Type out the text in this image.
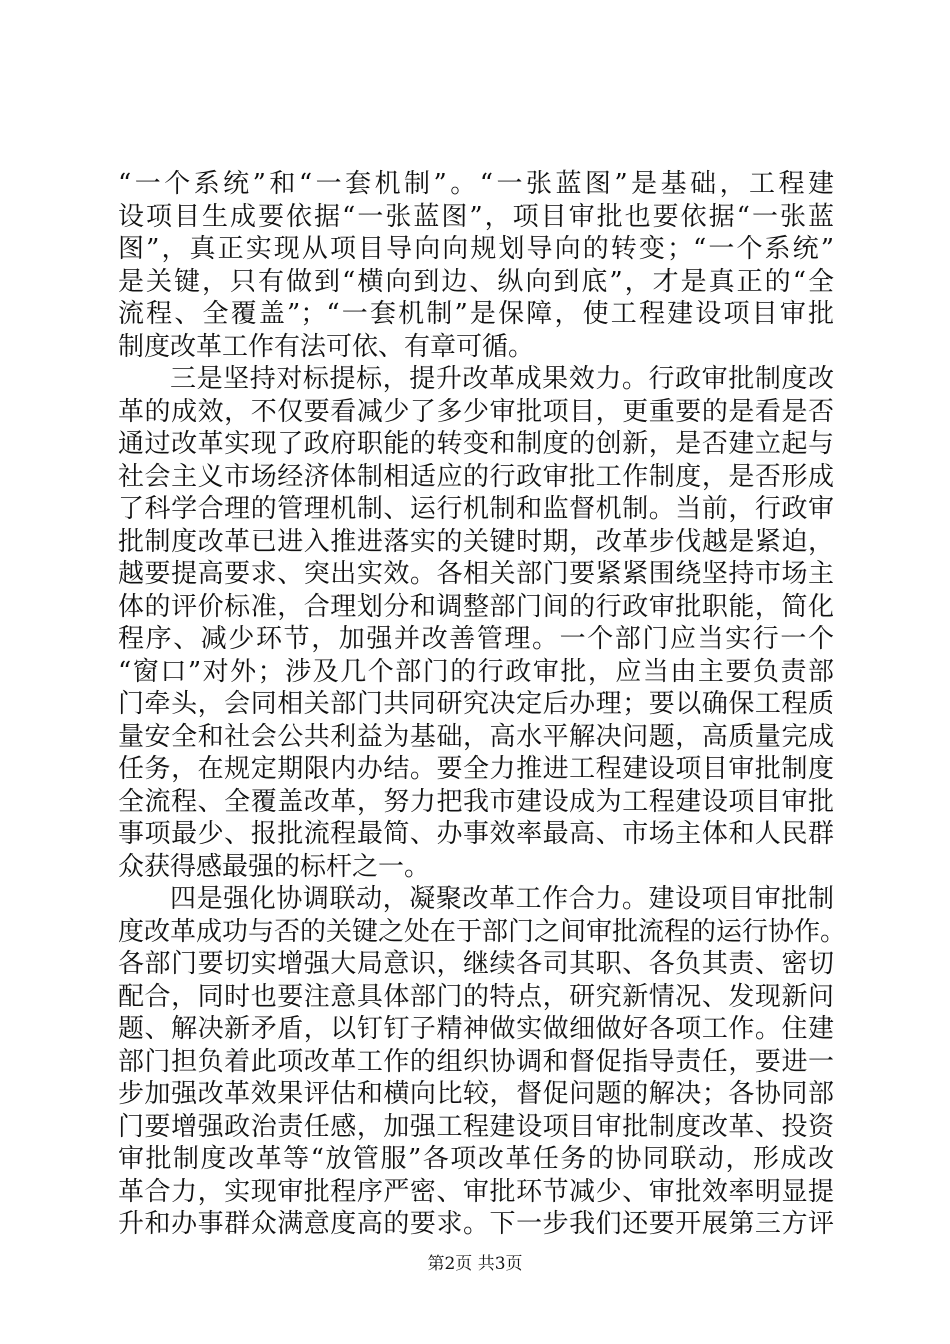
“一个系统”和“一套机制”。“一张蓝图”是基础，工程建
设项目生成要依据“一张蓝图”，项目审批也要依据“一张蓝
图”，真正实现从项目导向向规划导向的转变；“一个系统”
是关键，只有做到“横向到边、纵向到底”，才是真正的“全
流程、全覆盖”；“一套机制”是保障，使工程建设项目审批
制度改革工作有法可依、有章可循。
三是坚持对标提标，提升改革成果效力。行政审批制度改
革的成效，不仅要看减少了多少审批项目，更重要的是看是否
通过改革实现了政府职能的转变和制度的创新，是否建立起与
社会主义市场经济体制相适应的行政审批工作制度，是否形成
了科学合理的管理机制、运行机制和监督机制。当前，行政审
批制度改革已进入推进落实的关键时期，改革步伐越是紧迫，
越要提高要求、突出实效。各相关部门要紧紧围绕坚持市场主
体的评价标准，合理划分和调整部门间的行政审批职能，简化
程序、减少环节，加强并改善管理。一个部门应当实行一个
“窗口”对外；涉及几个部门的行政审批，应当由主要负责部
门牵头，会同相关部门共同研究决定后办理；要以确保工程质
量安全和社会公共利益为基础，高水平解决问题，高质量完成
任务，在规定期限内办结。要全力推进工程建设项目审批制度
全流程、全覆盖改革，努力把我市建设成为工程建设项目审批
事项最少、报批流程最简、办事效率最高、市场主体和人民群
众获得感最强的标杆之一。
四是强化协调联动，凝聚改革工作合力。建设项目审批制
度改革成功与否的关键之处在于部门之间审批流程的运行协作。
各部门要切实增强大局意识，继续各司其职、各负其责、密切
配合，同时也要注意具体部门的特点，研究新情况、发现新问
题、解决新矛盾，以钉钉子精神做实做细做好各项工作。住建
部门担负着此项改革工作的组织协调和督促指导责任，要进一
步加强改革效果评估和横向比较，督促问题的解决；各协同部
门要增强政治责任感，加强工程建设项目审批制度改革、投资
审批制度改革等“放管服”各项改革任务的协同联动，形成改
革合力，实现审批程序严密、审批环节减少、审批效率明显提
升和办事群众满意度高的要求。下一步我们还要开展第三方评
第2页 共3页
